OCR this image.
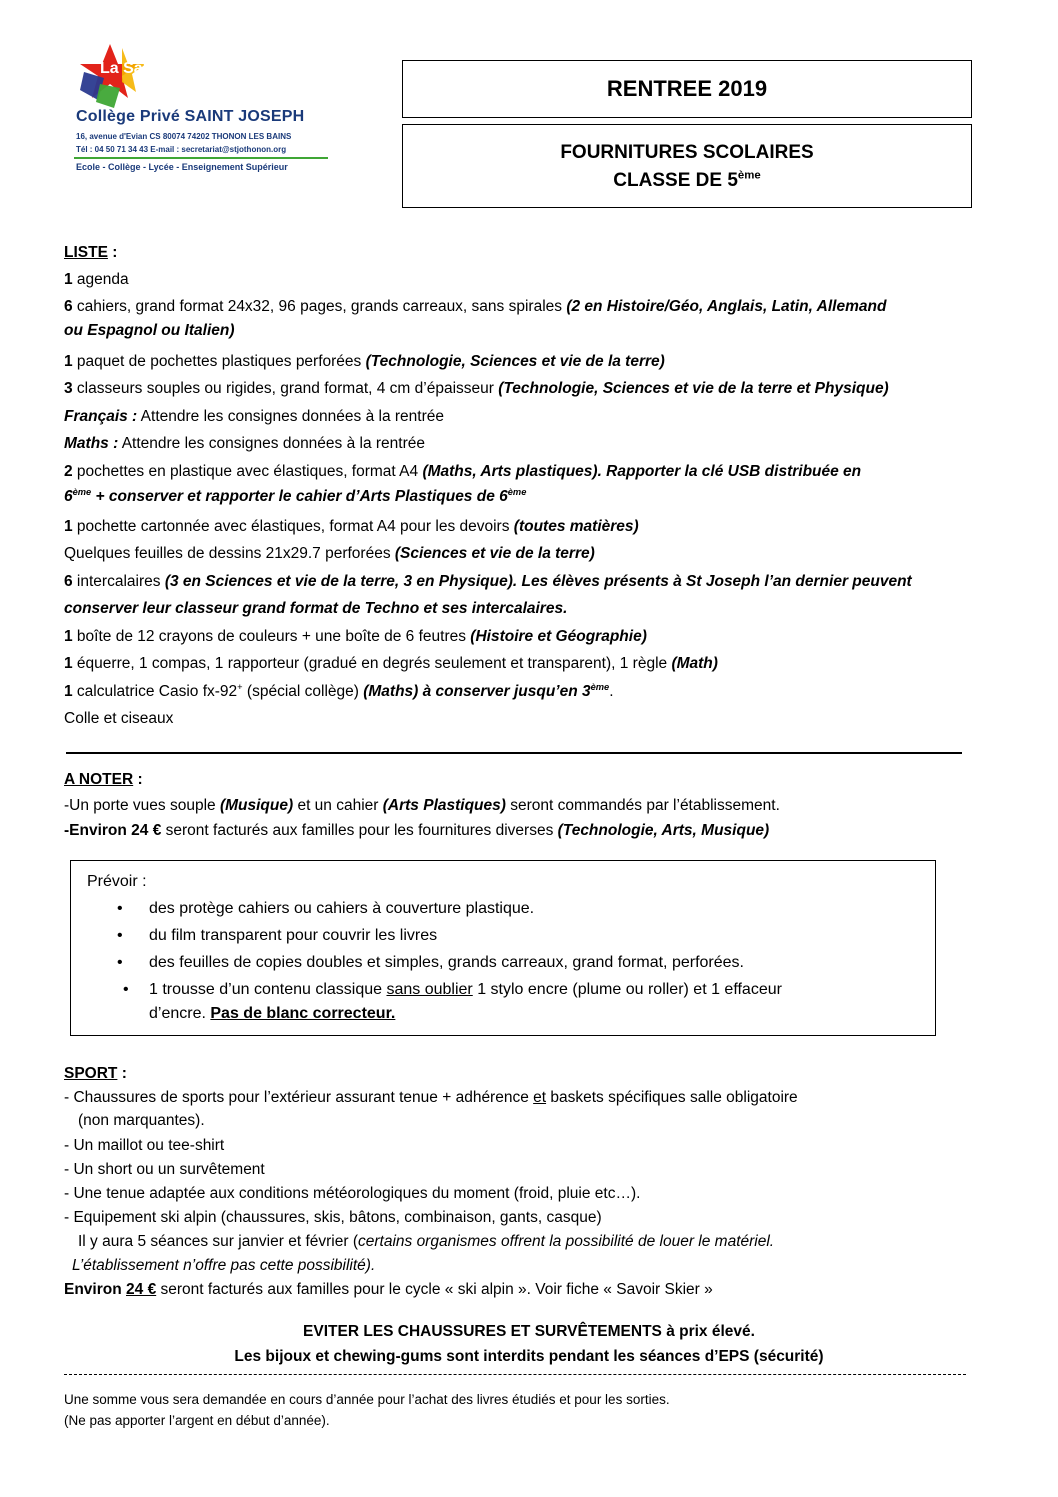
La Salle
Thonon les Bains
Collège Privé SAINT JOSEPH
16, avenue d'Evian CS 80074 74202 THONON LES BAINS
Tél : 04 50 71 34 43 E-mail : secretariat@stjothonon.org
Ecole - Collège - Lycée - Enseignement Supérieur
RENTREE 2019
FOURNITURES SCOLAIRES
CLASSE DE 5ème
LISTE :
1 agenda
6 cahiers, grand format 24x32, 96 pages, grands carreaux, sans spirales (2 en Histoire/Géo, Anglais, Latin, Allemand
ou Espagnol ou Italien)
1 paquet de pochettes plastiques perforées (Technologie, Sciences et vie de la terre)
3 classeurs souples ou rigides, grand format, 4 cm d’épaisseur (Technologie, Sciences et vie de la terre et Physique)
Français : Attendre les consignes données à la rentrée
Maths : Attendre les consignes données à la rentrée
2 pochettes en plastique avec élastiques, format A4 (Maths, Arts plastiques). Rapporter la clé USB distribuée en
6ème + conserver et rapporter le cahier d’Arts Plastiques de 6ème
1 pochette cartonnée avec élastiques, format A4 pour les devoirs (toutes matières)
Quelques feuilles de dessins 21x29.7 perforées (Sciences et vie de la terre)
6 intercalaires (3 en Sciences et vie de la terre, 3 en Physique). Les élèves présents à St Joseph l’an dernier peuvent
conserver leur classeur grand format de Techno et ses intercalaires.
1 boîte de 12 crayons de couleurs + une boîte de 6 feutres (Histoire et Géographie)
1 équerre, 1 compas, 1 rapporteur (gradué en degrés seulement et transparent), 1 règle (Math)
1 calculatrice Casio fx-92+ (spécial collège) (Maths) à conserver jusqu’en 3ème.
Colle et ciseaux
A NOTER :
-Un porte vues souple (Musique) et un cahier (Arts Plastiques) seront commandés par l’établissement.
-Environ 24 € seront facturés aux familles pour les fournitures diverses (Technologie, Arts, Musique)
Prévoir :
• des protège cahiers ou cahiers à couverture plastique.
• du film transparent pour couvrir les livres
• des feuilles de copies doubles et simples, grands carreaux, grand format, perforées.
• 1 trousse d’un contenu classique sans oublier 1 stylo encre (plume ou roller) et 1 effaceur
d’encre. Pas de blanc correcteur.
SPORT :
- Chaussures de sports pour l’extérieur assurant tenue + adhérence et baskets spécifiques salle obligatoire
(non marquantes).
- Un maillot ou tee-shirt
- Un short ou un survêtement
- Une tenue adaptée aux conditions météorologiques du moment (froid, pluie etc…).
- Equipement ski alpin (chaussures, skis, bâtons, combinaison, gants, casque)
Il y aura 5 séances sur janvier et février (certains organismes offrent la possibilité de louer le matériel.
L’établissement n’offre pas cette possibilité).
Environ 24 € seront facturés aux familles pour le cycle « ski alpin ». Voir fiche « Savoir Skier »
EVITER LES CHAUSSURES ET SURVÊTEMENTS à prix élevé.
Les bijoux et chewing-gums sont interdits pendant les séances d’EPS (sécurité)
Une somme vous sera demandée en cours d’année pour l’achat des livres étudiés et pour les sorties.
(Ne pas apporter l’argent en début d’année).
